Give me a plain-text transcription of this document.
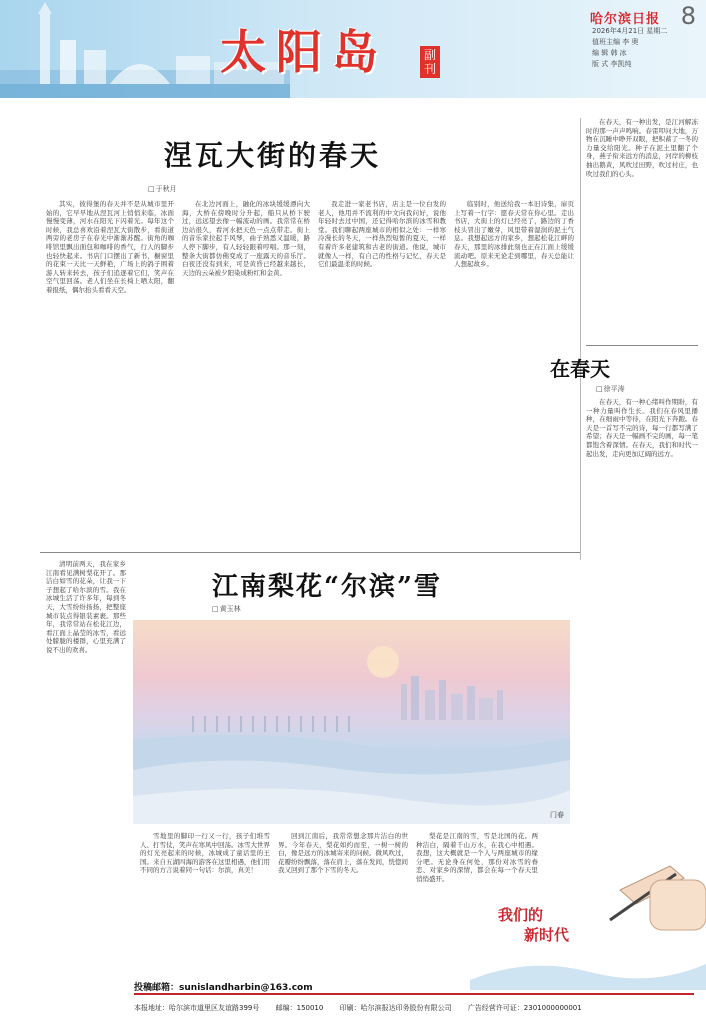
太阳岛	副刊
哈尔滨日报 8
2026年4月21日 星期二
值班主编 李 奥
编 辑 韩 冰
版 式 李凯纯
涅瓦大街的春天
□ 于秋月
其实，彼得堡的春天并不是从城市里开始的，它早早地从涅瓦河上悄悄来临，冰面慢慢变薄，河水在阳光下闪着光。每年这个时候，我总喜欢沿着涅瓦大街散步，看街道两旁的老房子在春光中渐渐苏醒。街角的咖啡馆里飘出面包和咖啡的香气，行人的脚步也轻快起来。书店门口摆出了新书，橱窗里的花束一天比一天鲜艳，广场上的鸽子围着游人转来转去，孩子们追逐着它们，笑声在空气里回荡。老人们坐在长椅上晒太阳，翻着报纸，偶尔抬头看看天空。
在北边河面上，融化的冰块缓缓漂向大海，大桥在傍晚时分升起，船只从桥下驶过，远远望去像一幅流动的画。我常常在桥边站很久，看河水把天色一点点带走。街上的音乐家拉起手风琴，曲子熟悉又温暖，路人停下脚步，有人轻轻跟着哼唱。那一刻，整条大街都仿佛变成了一座露天的音乐厅。白夜还没有到来，可是黄昏已经越来越长，天边的云朵被夕阳染成粉红和金黄。
我走进一家老书店，店主是一位白发的老人，他用并不流利的中文向我问好，说他年轻时去过中国，还记得哈尔滨的冰雪和教堂。我们聊起两座城市的相似之处：一样寒冷漫长的冬天，一样热烈短暂的夏天，一样有着许多老建筑和古老的街道。他说，城市就像人一样，有自己的性格与记忆，春天是它们最温柔的时候。
临别时，他送给我一本旧诗集，扉页上写着一行字：愿春天常在你心里。走出书店，大街上的灯已经亮了，路边的丁香枝头冒出了嫩芽，风里带着湿润的泥土气息。我想起远方的家乡，想起松花江畔的春天，那里的冰排此刻也正在江面上缓缓流动吧。原来无论走到哪里，春天总能让人想起故乡。
在春天，有一种出发，是江河解冻时的那一声声鸣响。春雷叩问大地，万物在沉睡中睁开双眼，把积蓄了一冬的力量交给阳光。种子在泥土里翻了个身，燕子衔来远方的消息，河岸的柳枝抽出鹅黄，风吹过田野，吹过村庄，也吹过我们的心头。
在春天
□ 徐平涛
在春天，有一种心绪叫作期盼，有一种力量叫作生长。我们在春风里播种，在细雨中等待，在阳光下奔跑。春天是一首写不完的诗，每一行都写满了希望；春天是一幅画不完的画，每一笔都饱含着深情。在春天，我们和时代一起出发，走向更加辽阔的远方。
江南梨花“尔滨”雪
□ 黄玉林
清明前两天，我在家乡江南看见满树梨花开了。那洁白如雪的花朵，让我一下子想起了哈尔滨的雪。我在冰城生活了许多年，每到冬天，大雪纷纷扬扬，把整座城市装点得银装素裹。那些年，我常常站在松花江边，看江面上晶莹的冰雪，看远处朦胧的楼群，心里充满了说不出的欢喜。
门春
雪地里的脚印一行又一行，孩子们堆雪人、打雪仗，笑声在寒风中回荡。冰雪大世界的灯光亮起来的时候，冰城成了童话里的王国。来自五湖四海的游客在这里相遇，他们用不同的方言说着同一句话：尔滨，真美！
回到江南后，我常常想念那片洁白的世界。今年春天，梨花如约而至，一树一树的白，像是远方的冰城寄来的问候。微风吹过，花瓣纷纷飘落，落在肩上，落在发间，恍惚间我又回到了那个下雪的冬天。
梨花是江南的雪，雪是北国的花。两种洁白，隔着千山万水，在我心中相遇。我想，这大概就是一个人与两座城市的缘分吧。无论身在何处，那份对冰雪的眷恋、对家乡的深情，都会在每一个春天里悄悄盛开。
我们的
新时代
投稿邮箱：sunislandharbin@163.com
本报地址：哈尔滨市道里区友谊路399号 邮编：150010 印刷：哈尔滨报达印务股份有限公司 广告经营许可证：2301000000001
